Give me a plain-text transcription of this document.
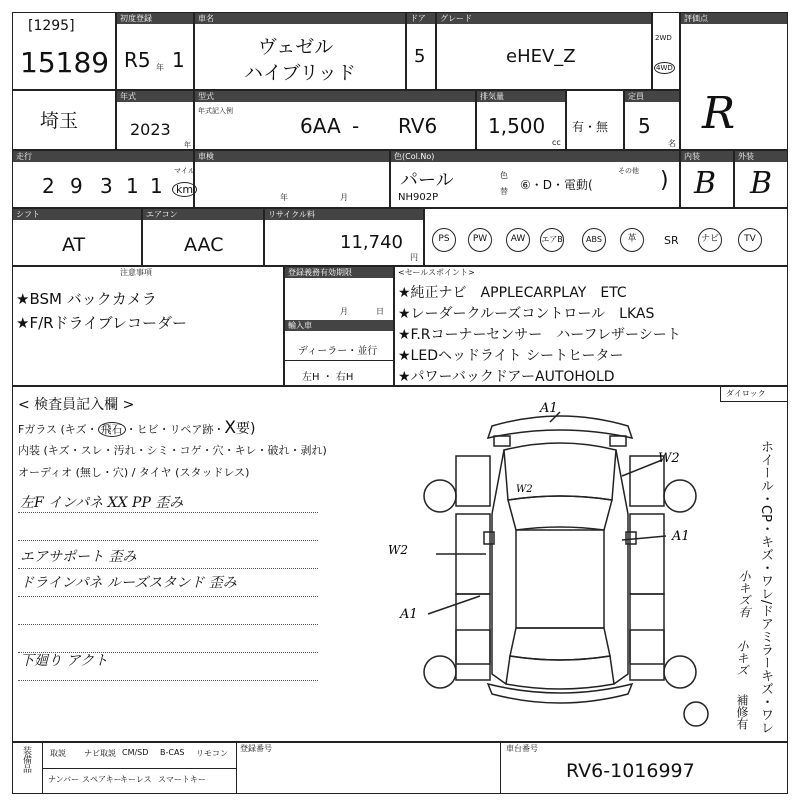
[1295]
15189
初度登録
R5 年 1
車名
ヴェゼル
ハイブリッド
ドア
5
グレード
eHEV_Z
2WD
4WD
評価点
R
埼玉
年式
2023
年
型式
年式記入例
6AA - RV6
排気量
1,500
cc
有・無
定員
5
名
走行
2 9 3 1 1
マイル
km
車検
年	月
色(Col.No)
パール
NH902P
色
替 ⑥・D・電動(	)
その他
内装
B
外装
B
シフト
AT
エアコン
AAC
リサイクル料
11,740
円
PS	PW	AW	エアB	ABS	革	SR	ナビ	TV
注意事項
★BSM バックカメラ
★F/Rドライブレコーダー
登録義務有効期限
月	日
輸入車
ディーラー・並行
左H ・ 右H
<セールスポイント>
★純正ナビ　APPLECARPLAY　ETC
★レーダークルーズコントロール　LKAS
★F.Rコーナーセンサー　ハーフレザーシート
★LEDヘッドライト シートヒーター
★パワーバックドアーAUTOHOLD
< 検査員記入欄 >
Fガラス (キズ・ 飛石 ・ヒビ・リペア跡・X要)
内装 (キズ・スレ・汚れ・シミ・コゲ・穴・キレ・破れ・剥れ)
オーディオ (無し・穴) / タイヤ (スタッドレス)
左F インパネ XX PP 歪み
エアサポート 歪み
ドラインパネ ルーズスタンド 歪み
下廻り アクト
A1
W2
W2
A1
W2
A1
ダイロック
ホイール・CP・キズ・ワレ/ドアミラーキズ・ワレ
小キズ有
小キズ
補修有
装備品 取説 ナビ取説 CM/SD B-CAS リモコン
ナンバー スペアキー
キーレス スマートキー
登録番号	車台番号
RV6-1016997
